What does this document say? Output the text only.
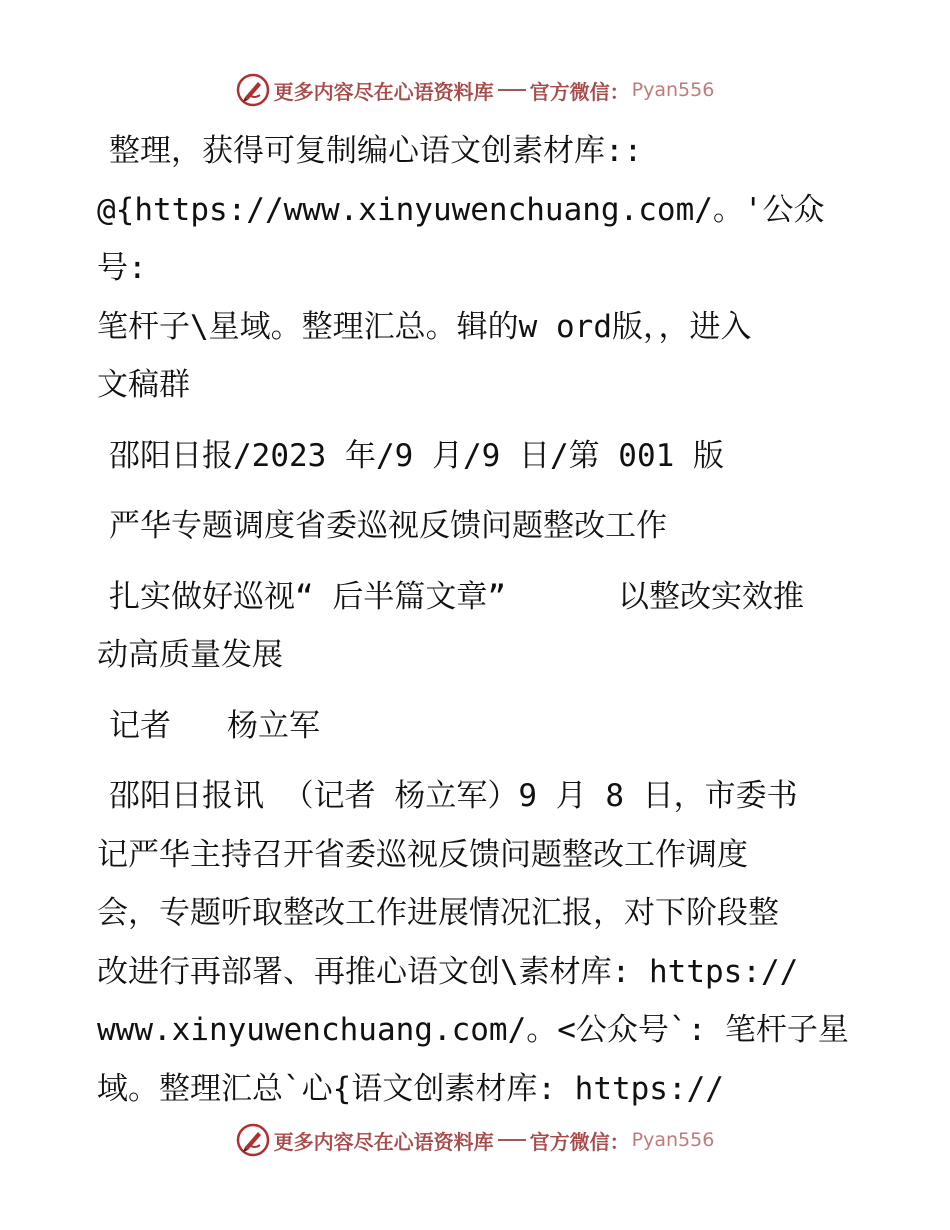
更多内容尽在心语资料库 官方微信： Pyan556

整理，获得可复制编心语文创素材库::
@{https://www.xinyuwenchuang.com/。'公众号:
笔杆子\星域。整理汇总。辑的w ord版，，进入
文稿群

邵阳日报/2023 年/9 月/9 日/第 001 版

严华专题调度省委巡视反馈问题整改工作

扎实做好巡视“ 后半篇文章”      以整改实效推
动高质量发展

记者   杨立军

邵阳日报讯 （记者 杨立军）9 月 8 日，市委书
记严华主持召开省委巡视反馈问题整改工作调度
会，专题听取整改工作进展情况汇报，对下阶段整
改进行再部署、再推心语文创\素材库: https://
www.xinyuwenchuang.com/。<公众号`: 笔杆子星
域。整理汇总`心{语文创素材库: https://

更多内容尽在心语资料库 官方微信： Pyan556
